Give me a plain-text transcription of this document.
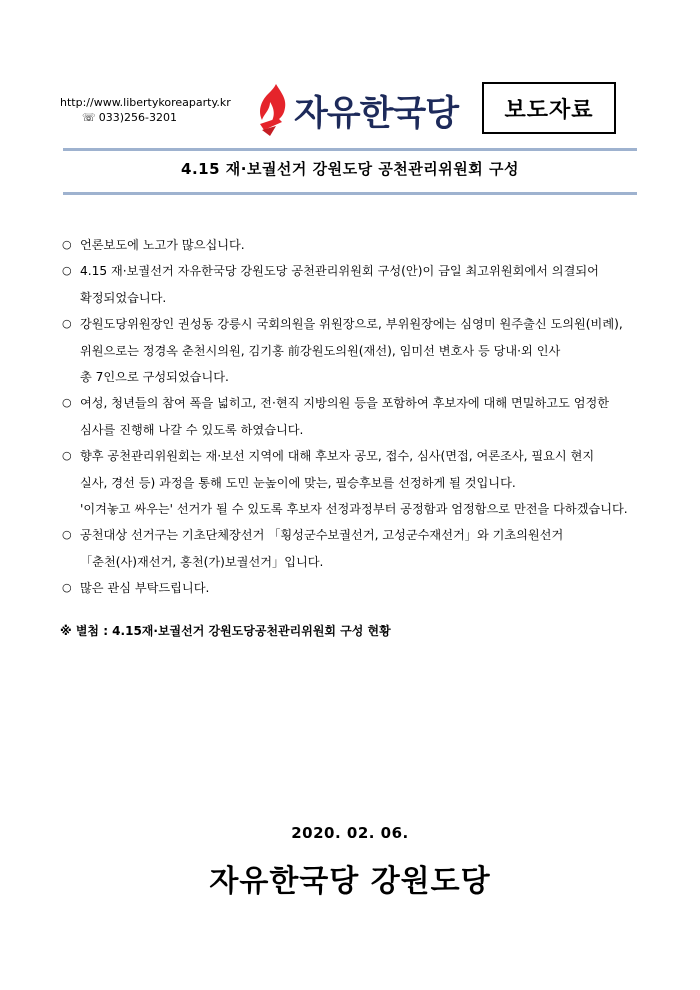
http://www.libertykoreaparty.kr
☏ 033)256-3201	자유한국당	보도자료
4.15 재·보궐선거 강원도당 공천관리위원회 구성
○ 언론보도에 노고가 많으십니다.
○ 4.15 재·보궐선거 자유한국당 강원도당 공천관리위원회 구성(안)이 금일 최고위원회에서 의결되어
확정되었습니다.
○ 강원도당위원장인 권성동 강릉시 국회의원을 위원장으로, 부위원장에는 심영미 원주출신 도의원(비례),
위원으로는 정경옥 춘천시의원, 김기홍 前강원도의원(재선), 임미선 변호사 등 당내·외 인사
총 7인으로 구성되었습니다.
○ 여성, 청년들의 참여 폭을 넓히고, 전·현직 지방의원 등을 포함하여 후보자에 대해 면밀하고도 엄정한
심사를 진행해 나갈 수 있도록 하였습니다.
○ 향후 공천관리위원회는 재·보선 지역에 대해 후보자 공모, 접수, 심사(면접, 여론조사, 필요시 현지
실사, 경선 등) 과정을 통해 도민 눈높이에 맞는, 필승후보를 선정하게 될 것입니다.
'이겨놓고 싸우는' 선거가 될 수 있도록 후보자 선정과정부터 공정함과 엄정함으로 만전을 다하겠습니다.
○ 공천대상 선거구는 기초단체장선거 「횡성군수보궐선거, 고성군수재선거」와 기초의원선거
「춘천(사)재선거, 홍천(가)보궐선거」입니다.
○ 많은 관심 부탁드립니다.
※ 별첨 : 4.15재·보궐선거 강원도당공천관리위원회 구성 현황
2020. 02. 06.
자유한국당 강원도당
